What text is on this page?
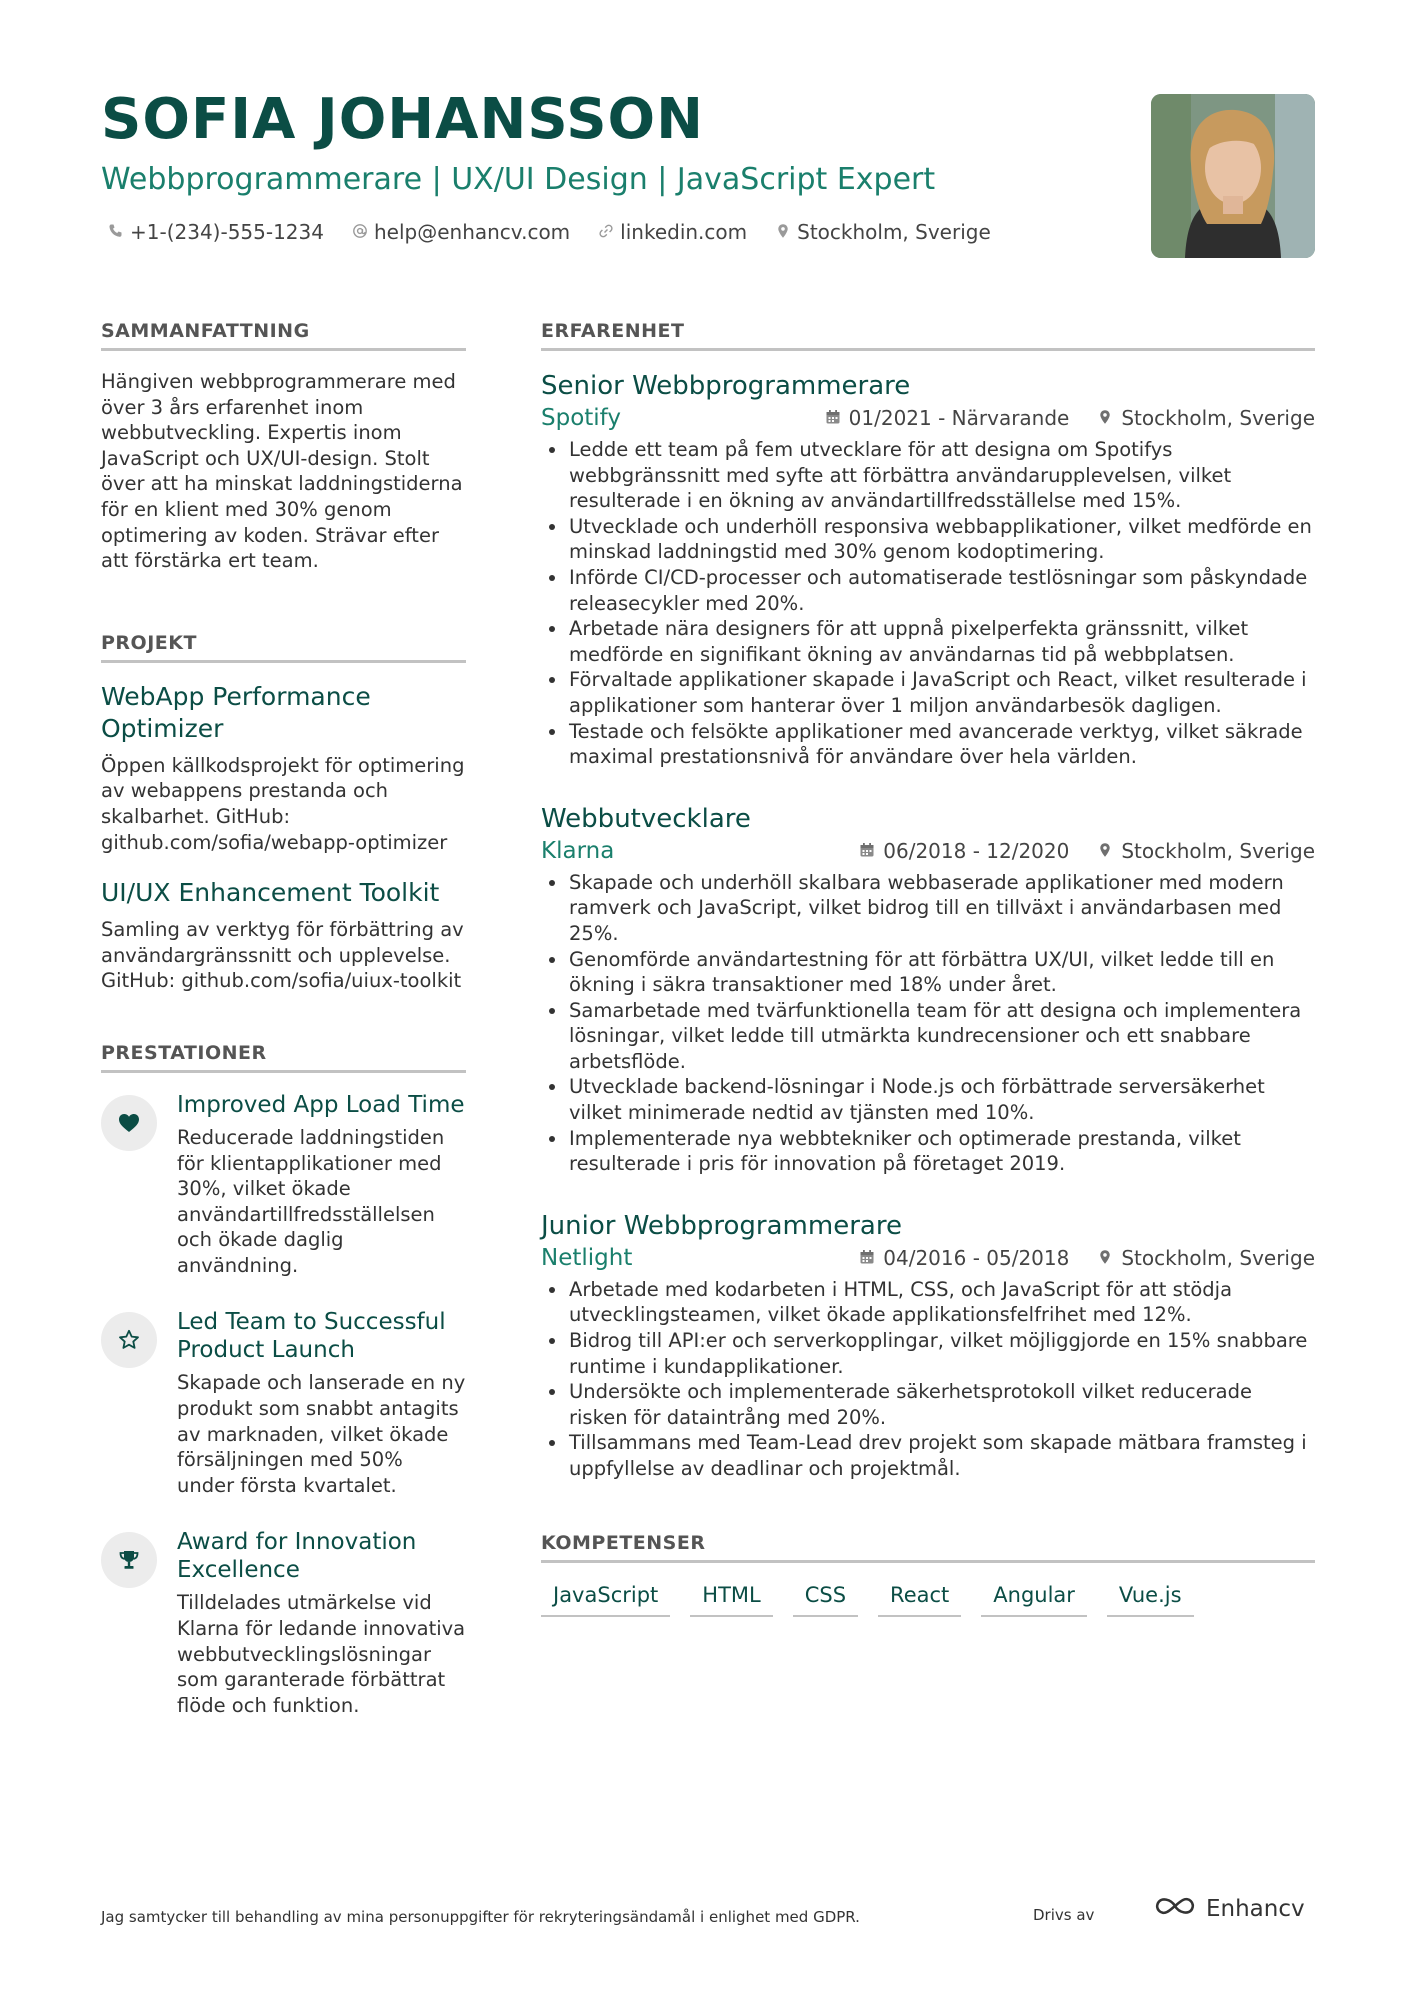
SOFIA JOHANSSON
Webbprogrammerare | UX/UI Design | JavaScript Expert
+1-(234)-555-1234	help@enhancv.com	linkedin.com	Stockholm, Sverige
SAMMANFATTNING
Hängiven webbprogrammerare med över 3 års erfarenhet inom webbutveckling. Expertis inom JavaScript och UX/UI-design. Stolt över att ha minskat laddningstiderna för en klient med 30% genom optimering av koden. Strävar efter att förstärka ert team.
PROJEKT
WebApp Performance Optimizer
Öppen källkodsprojekt för optimering av webappens prestanda och skalbarhet. GitHub: github.com/sofia/webapp-optimizer
UI/UX Enhancement Toolkit
Samling av verktyg för förbättring av användargränssnitt och upplevelse. GitHub: github.com/sofia/uiux-toolkit
PRESTATIONER
Improved App Load Time
Reducerade laddningstiden för klientapplikationer med 30%, vilket ökade användartillfredsställelsen och ökade daglig användning.
Led Team to Successful Product Launch
Skapade och lanserade en ny produkt som snabbt antagits av marknaden, vilket ökade försäljningen med 50% under första kvartalet.
Award for Innovation Excellence
Tilldelades utmärkelse vid Klarna för ledande innovativa webbutvecklingslösningar som garanterade förbättrat flöde och funktion.
ERFARENHET
Senior Webbprogrammerare
Spotify	01/2021 - Närvarande	Stockholm, Sverige
Ledde ett team på fem utvecklare för att designa om Spotifys webbgränssnitt med syfte att förbättra användarupplevelsen, vilket resulterade i en ökning av användartillfredsställelse med 15%.
Utvecklade och underhöll responsiva webbapplikationer, vilket medförde en minskad laddningstid med 30% genom kodoptimering.
Införde CI/CD-processer och automatiserade testlösningar som påskyndade releasecykler med 20%.
Arbetade nära designers för att uppnå pixelperfekta gränssnitt, vilket medförde en signifikant ökning av användarnas tid på webbplatsen.
Förvaltade applikationer skapade i JavaScript och React, vilket resulterade i applikationer som hanterar över 1 miljon användarbesök dagligen.
Testade och felsökte applikationer med avancerade verktyg, vilket säkrade maximal prestationsnivå för användare över hela världen.
Webbutvecklare
Klarna	06/2018 - 12/2020	Stockholm, Sverige
Skapade och underhöll skalbara webbaserade applikationer med modern ramverk och JavaScript, vilket bidrog till en tillväxt i användarbasen med 25%.
Genomförde användartestning för att förbättra UX/UI, vilket ledde till en ökning i säkra transaktioner med 18% under året.
Samarbetade med tvärfunktionella team för att designa och implementera lösningar, vilket ledde till utmärkta kundrecensioner och ett snabbare arbetsflöde.
Utvecklade backend-lösningar i Node.js och förbättrade serversäkerhet vilket minimerade nedtid av tjänsten med 10%.
Implementerade nya webbtekniker och optimerade prestanda, vilket resulterade i pris för innovation på företaget 2019.
Junior Webbprogrammerare
Netlight	04/2016 - 05/2018	Stockholm, Sverige
Arbetade med kodarbeten i HTML, CSS, och JavaScript för att stödja utvecklingsteamen, vilket ökade applikationsfelfrihet med 12%.
Bidrog till API:er och serverkopplingar, vilket möjliggjorde en 15% snabbare runtime i kundapplikationer.
Undersökte och implementerade säkerhetsprotokoll vilket reducerade risken för dataintrång med 20%.
Tillsammans med Team-Lead drev projekt som skapade mätbara framsteg i uppfyllelse av deadlinar och projektmål.
KOMPETENSER
JavaScript	HTML	CSS	React	Angular	Vue.js
Jag samtycker till behandling av mina personuppgifter för rekryteringsändamål i enlighet med GDPR.	Drivs av	Enhancv
